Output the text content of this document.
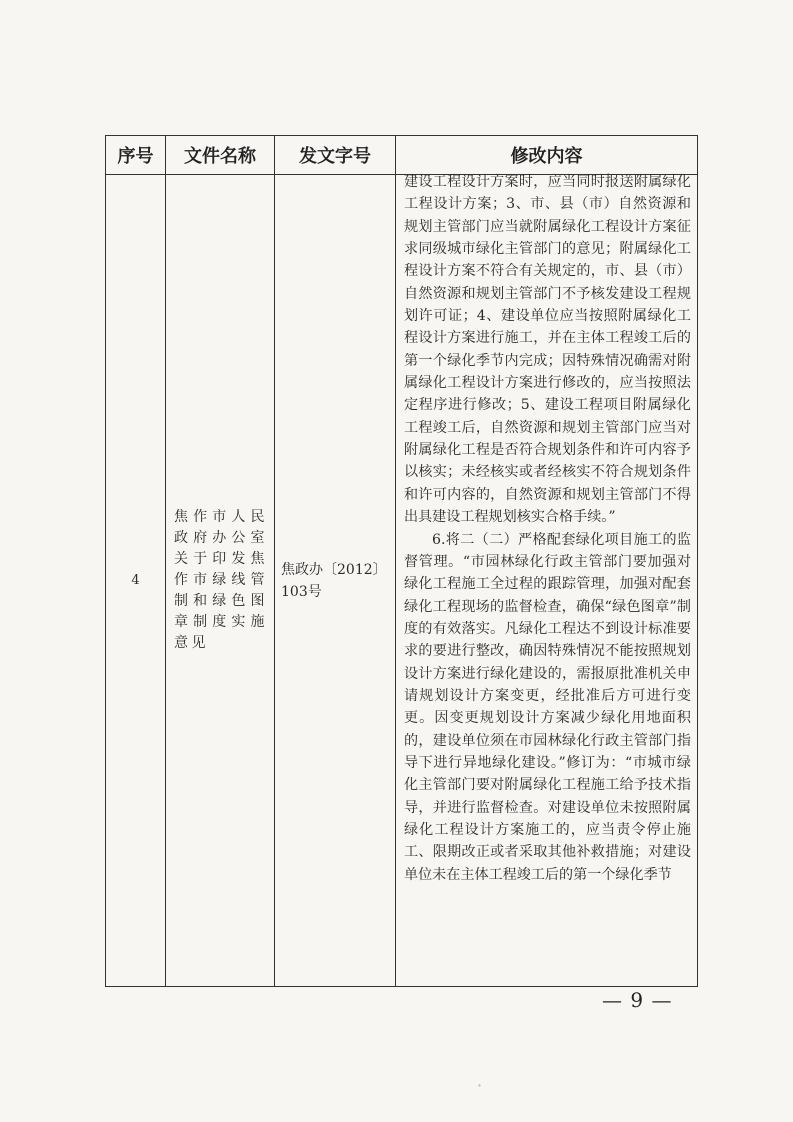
序号	文件名称	发文字号	修改内容
4	焦作市人民政府办公室关于印发焦作市绿线管制和绿色图章制度实施意见	焦政办〔2012〕103号	建设工程设计方案时，应当同时报送附属绿化工程设计方案；3、市、县（市）自然资源和规划主管部门应当就附属绿化工程设计方案征求同级城市绿化主管部门的意见；附属绿化工程设计方案不符合有关规定的，市、县（市）自然资源和规划主管部门不予核发建设工程规划许可证；4、建设单位应当按照附属绿化工程设计方案进行施工，并在主体工程竣工后的第一个绿化季节内完成；因特殊情况确需对附属绿化工程设计方案进行修改的，应当按照法定程序进行修改；5、建设工程项目附属绿化工程竣工后，自然资源和规划主管部门应当对附属绿化工程是否符合规划条件和许可内容予以核实；未经核实或者经核实不符合规划条件和许可内容的，自然资源和规划主管部门不得出具建设工程规划核实合格手续。”

6.将二（二）严格配套绿化项目施工的监督管理。“市园林绿化行政主管部门要加强对绿化工程施工全过程的跟踪管理，加强对配套绿化工程现场的监督检查，确保“绿色图章”制度的有效落实。凡绿化工程达不到设计标准要求的要进行整改，确因特殊情况不能按照规划设计方案进行绿化建设的，需报原批准机关申请规划设计方案变更，经批准后方可进行变更。因变更规划设计方案减少绿化用地面积的，建设单位须在市园林绿化行政主管部门指导下进行异地绿化建设。”修订为：“市城市绿化主管部门要对附属绿化工程施工给予技术指导，并进行监督检查。对建设单位未按照附属绿化工程设计方案施工的，应当责令停止施工、限期改正或者采取其他补救措施；对建设单位未在主体工程竣工后的第一个绿化季节

— 9 —
ﾞ
